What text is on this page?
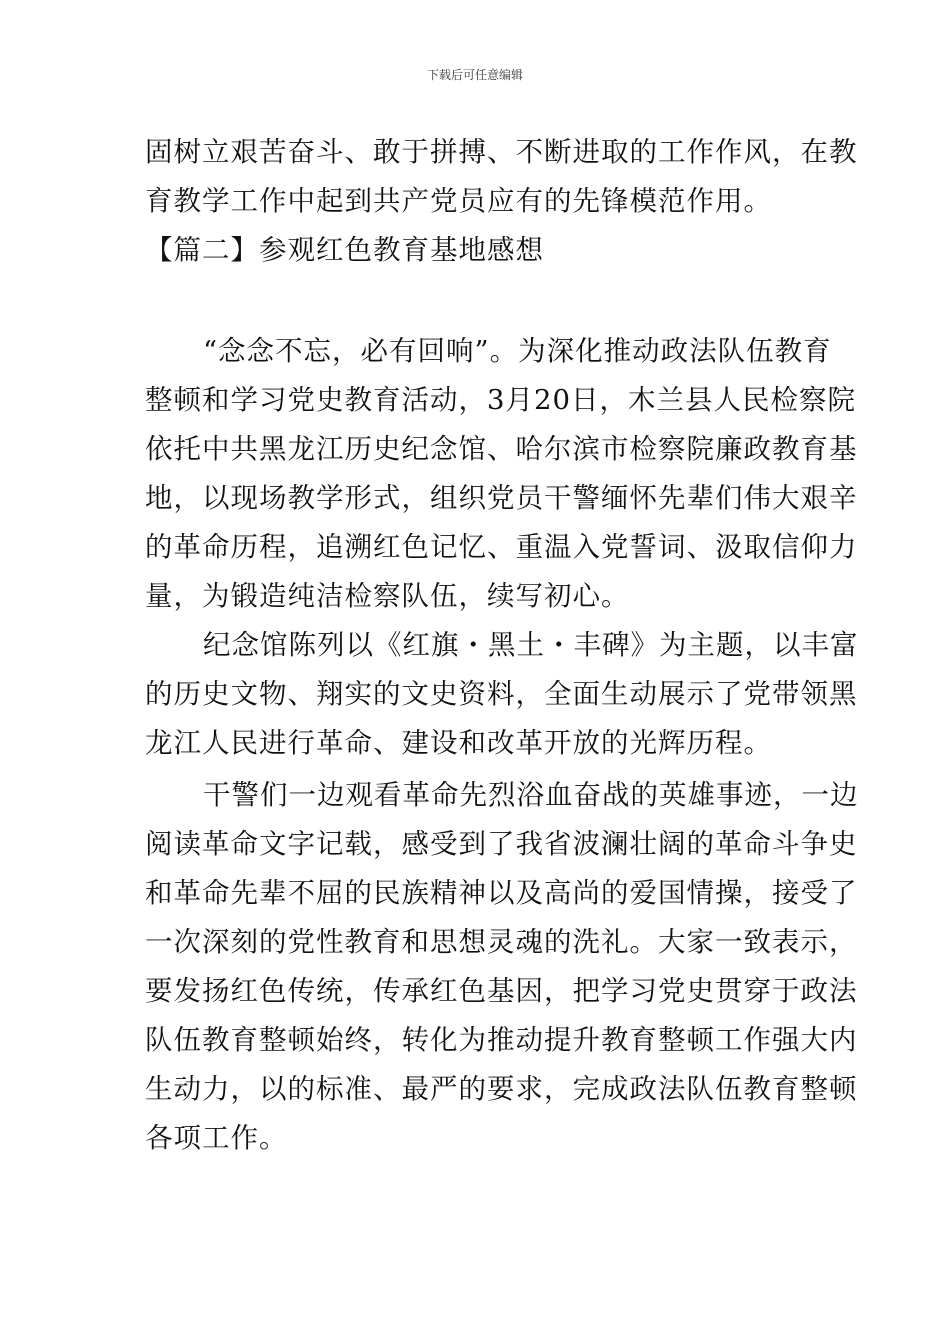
下载后可任意编辑

固树立艰苦奋斗、敢于拼搏、不断进取的工作作风，在教

育教学工作中起到共产党员应有的先锋模范作用。

【篇二】参观红色教育基地感想

“念念不忘，必有回响”。为深化推动政法队伍教育

整顿和学习党史教育活动，3月20日，木兰县人民检察院

依托中共黑龙江历史纪念馆、哈尔滨市检察院廉政教育基

地，以现场教学形式，组织党员干警缅怀先辈们伟大艰辛

的革命历程，追溯红色记忆、重温入党誓词、汲取信仰力

量，为锻造纯洁检察队伍，续写初心。

纪念馆陈列以《红旗・黑土・丰碑》为主题，以丰富

的历史文物、翔实的文史资料，全面生动展示了党带领黑

龙江人民进行革命、建设和改革开放的光辉历程。

干警们一边观看革命先烈浴血奋战的英雄事迹，一边

阅读革命文字记载，感受到了我省波澜壮阔的革命斗争史

和革命先辈不屈的民族精神以及高尚的爱国情操，接受了

一次深刻的党性教育和思想灵魂的洗礼。大家一致表示，

要发扬红色传统，传承红色基因，把学习党史贯穿于政法

队伍教育整顿始终，转化为推动提升教育整顿工作强大内

生动力，以的标准、最严的要求，完成政法队伍教育整顿

各项工作。
